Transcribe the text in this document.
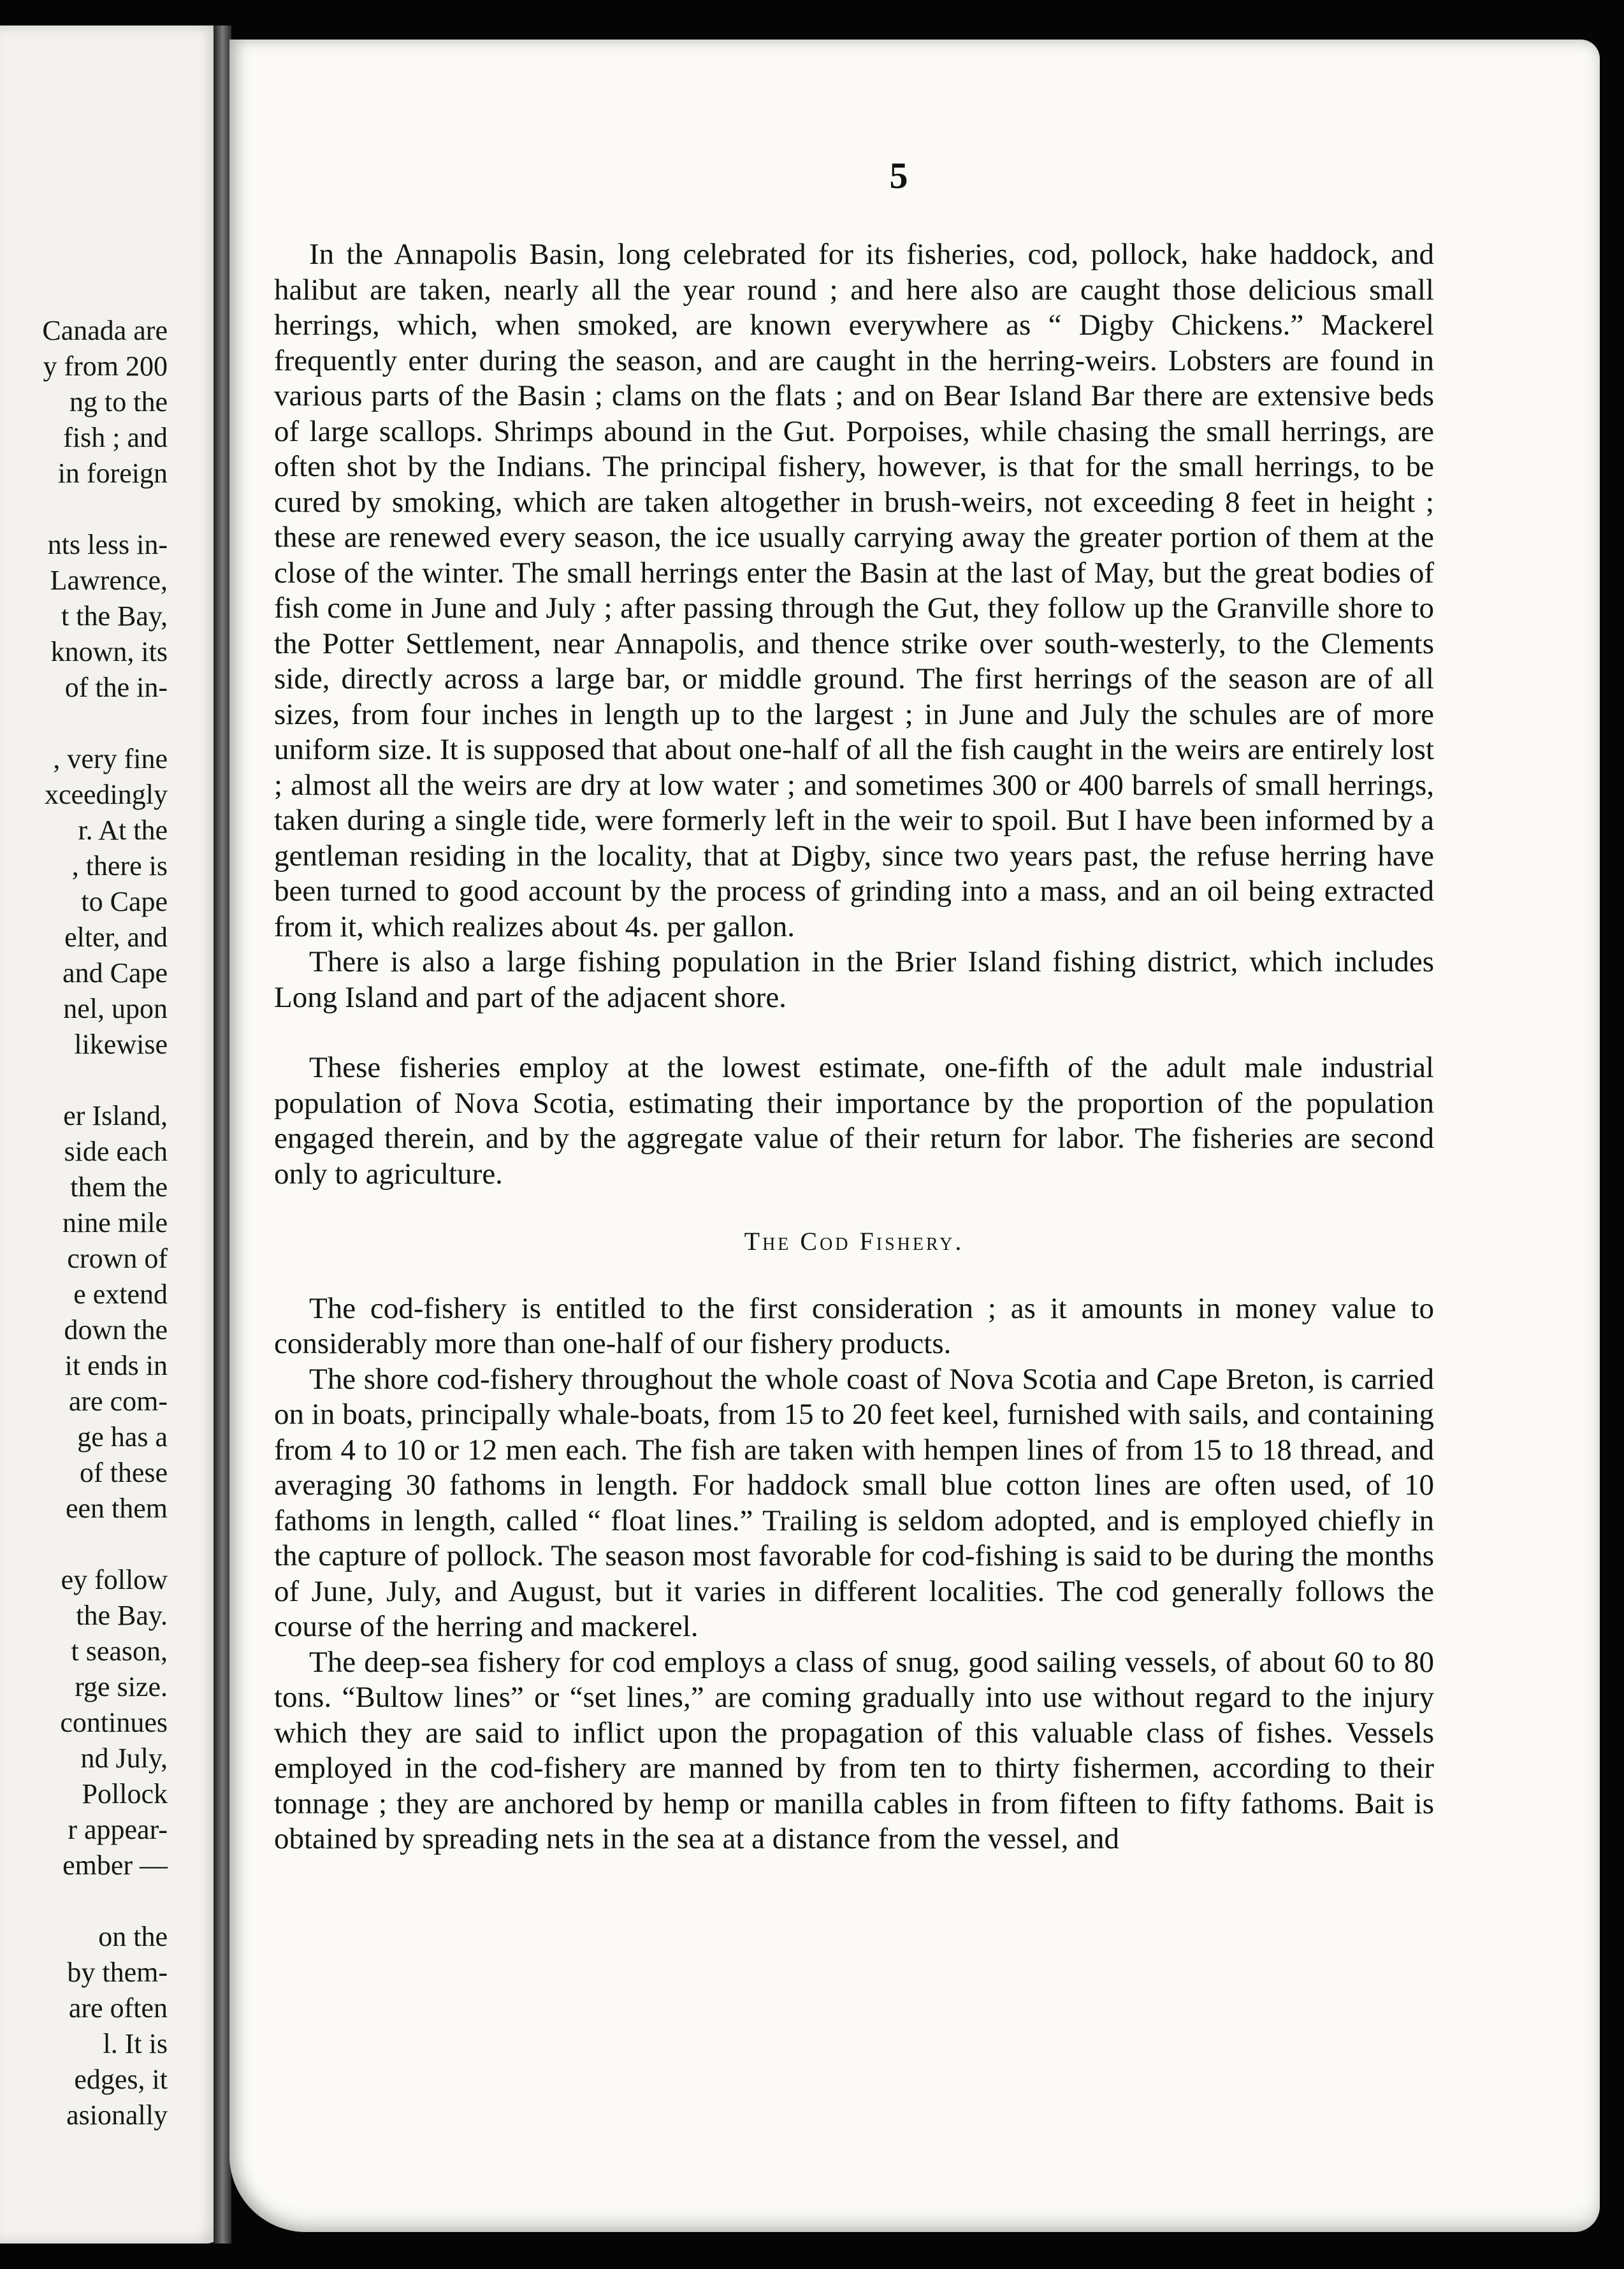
Canada are
y from 200
ng to the
fish ; and
in foreign
nts less in-
Lawrence,
t the Bay,
known, its
of the in-
, very fine
xceedingly
r. At the
, there is
to Cape
elter, and
and Cape
nel, upon
likewise
er Island,
side each
them the
nine mile
crown of
e extend
down the
it ends in
are com-
ge has a
of these
een them
ey follow
the Bay.
t season,
rge size.
continues
nd July,
Pollock
r appear-
ember —
on the
by them-
are often
l. It is
edges, it
asionally
5

In the Annapolis Basin, long celebrated for its fisheries, cod, pollock, hake haddock, and halibut are taken, nearly all the year round ; and here also are caught those delicious small herrings, which, when smoked, are known everywhere as “ Digby Chickens.” Mackerel frequently enter during the season, and are caught in the herring-weirs. Lobsters are found in various parts of the Basin ; clams on the flats ; and on Bear Island Bar there are extensive beds of large scallops. Shrimps abound in the Gut. Porpoises, while chasing the small herrings, are often shot by the Indians. The principal fishery, however, is that for the small herrings, to be cured by smoking, which are taken altogether in brush-weirs, not exceeding 8 feet in height ; these are renewed every season, the ice usually carrying away the greater portion of them at the close of the winter. The small herrings enter the Basin at the last of May, but the great bodies of fish come in June and July ; after passing through the Gut, they follow up the Granville shore to the Potter Settlement, near Annapolis, and thence strike over south-westerly, to the Clements side, directly across a large bar, or middle ground. The first herrings of the season are of all sizes, from four inches in length up to the largest ; in June and July the schules are of more uniform size. It is supposed that about one-half of all the fish caught in the weirs are entirely lost ; almost all the weirs are dry at low water ; and sometimes 300 or 400 barrels of small herrings, taken during a single tide, were formerly left in the weir to spoil. But I have been informed by a gentleman residing in the locality, that at Digby, since two years past, the refuse herring have been turned to good account by the process of grinding into a mass, and an oil being extracted from it, which realizes about 4s. per gallon.

There is also a large fishing population in the Brier Island fishing district, which includes Long Island and part of the adjacent shore.

These fisheries employ at the lowest estimate, one-fifth of the adult male industrial population of Nova Scotia, estimating their importance by the proportion of the population engaged therein, and by the aggregate value of their return for labor. The fisheries are second only to agriculture.

The Cod Fishery.

The cod-fishery is entitled to the first consideration ; as it amounts in money value to considerably more than one-half of our fishery products.

The shore cod-fishery throughout the whole coast of Nova Scotia and Cape Breton, is carried on in boats, principally whale-boats, from 15 to 20 feet keel, furnished with sails, and containing from 4 to 10 or 12 men each. The fish are taken with hempen lines of from 15 to 18 thread, and averaging 30 fathoms in length. For haddock small blue cotton lines are often used, of 10 fathoms in length, called “ float lines.” Trailing is seldom adopted, and is employed chiefly in the capture of pollock. The season most favorable for cod-fishing is said to be during the months of June, July, and August, but it varies in different localities. The cod generally follows the course of the herring and mackerel.

The deep-sea fishery for cod employs a class of snug, good sailing vessels, of about 60 to 80 tons. “Bultow lines” or “set lines,” are coming gradually into use without regard to the injury which they are said to inflict upon the propagation of this valuable class of fishes. Vessels employed in the cod-fishery are manned by from ten to thirty fishermen, according to their tonnage ; they are anchored by hemp or manilla cables in from fifteen to fifty fathoms. Bait is obtained by spreading nets in the sea at a distance from the vessel, and
